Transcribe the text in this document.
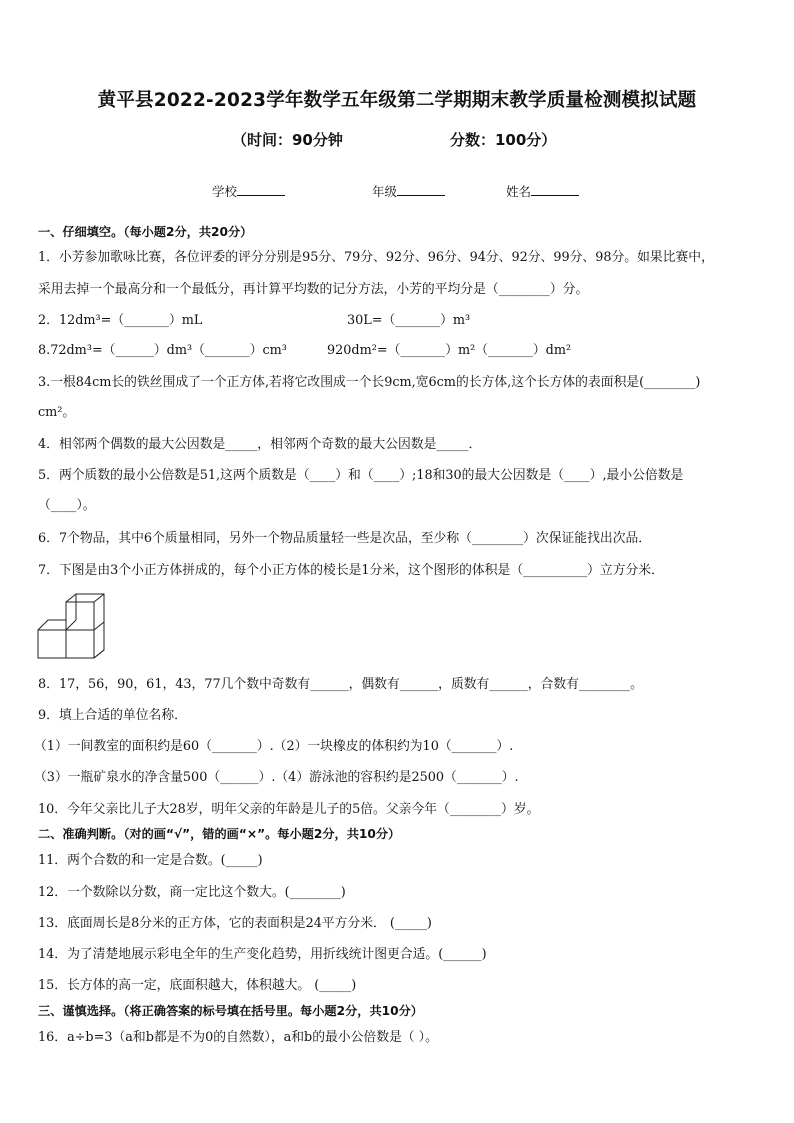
黄平县2022-2023学年数学五年级第二学期期末教学质量检测模拟试题
（时间：90分钟	分数：100分）
学校	年级	姓名
一、仔细填空。（每小题2分，共20分）
1．小芳参加歌咏比赛，各位评委的评分分别是95分、79分、92分、96分、94分、92分、99分、98分。如果比赛中，
采用去掉一个最高分和一个最低分，再计算平均数的记分方法，小芳的平均分是（________）分。
2．12dm³=（_______）mL	30L=（_______）m³
8.72dm³=（______）dm³（_______）cm³	920dm²=（_______）m²（_______）dm²
3.一根84cm长的铁丝围成了一个正方体,若将它改围成一个长9cm,宽6cm的长方体,这个长方体的表面积是(________)
cm²。
4．相邻两个偶数的最大公因数是_____，相邻两个奇数的最大公因数是_____．
5．两个质数的最小公倍数是51,这两个质数是（____）和（____）;18和30的最大公因数是（____）,最小公倍数是
（____）。
6．7个物品，其中6个质量相同，另外一个物品质量轻一些是次品，至少称（________）次保证能找出次品．
7．下图是由3个小正方体拼成的，每个小正方体的棱长是1分米，这个图形的体积是（__________）立方分米．
8．17，56，90，61，43，77几个数中奇数有______，偶数有______，质数有______，合数有________。
9．填上合适的单位名称．
（1）一间教室的面积约是60（_______）.（2）一块橡皮的体积约为10（_______）.
（3）一瓶矿泉水的净含量500（______）.（4）游泳池的容积约是2500（_______）.
10．今年父亲比儿子大28岁，明年父亲的年龄是儿子的5倍。父亲今年（________）岁。
二、准确判断。（对的画“√”，错的画“×”。每小题2分，共10分）
11．两个合数的和一定是合数。(_____)
12．一个数除以分数，商一定比这个数大。(________)
13．底面周长是8分米的正方体，它的表面积是24平方分米． (_____)
14．为了清楚地展示彩电全年的生产变化趋势，用折线统计图更合适。(______)
15．长方体的高一定，底面积越大，体积越大。 (_____)
三、谨慎选择。（将正确答案的标号填在括号里。每小题2分，共10分）
16．a÷b=3（a和b都是不为0的自然数），a和b的最小公倍数是（ ）。
